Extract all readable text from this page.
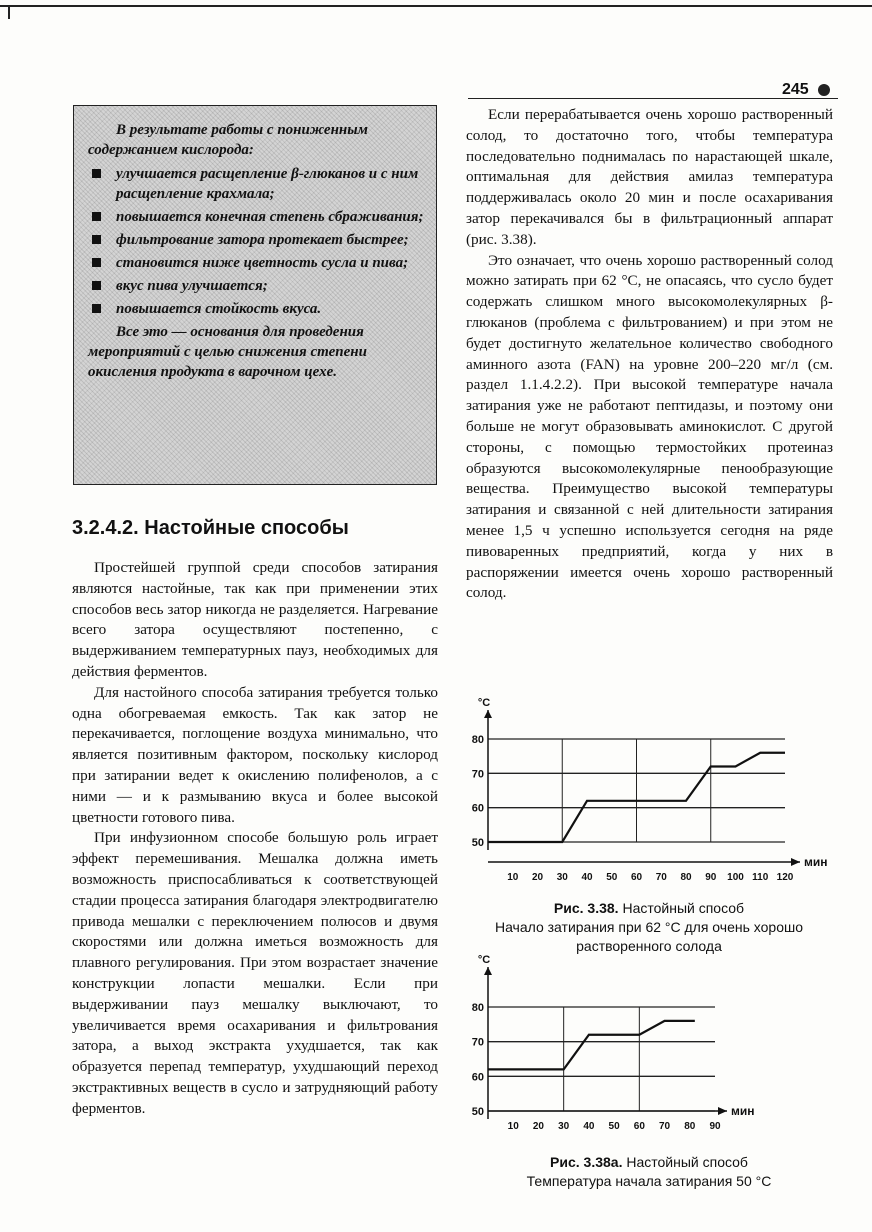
245

В результате работы с пониженным содержанием кислорода:

улучшается расщепление β-глюканов и с ним расщепление крахмала;
повышается конечная степень сбраживания;
фильтрование затора протекает быстрее;
становится ниже цветность сусла и пива;
вкус пива улучшается;
повышается стойкость вкуса.

Все это — основания для проведения мероприятий с целью снижения степени окисления продукта в варочном цехе.

3.2.4.2. Настойные способы

Простейшей группой среди способов затирания являются настойные, так как при применении этих способов весь затор никогда не разделяется. Нагревание всего затора осуществляют постепенно, с выдерживанием температурных пауз, необходимых для действия ферментов.

Для настойного способа затирания требуется только одна обогреваемая емкость. Так как затор не перекачивается, поглощение воздуха минимально, что является позитивным фактором, поскольку кислород при затирании ведет к окислению полифенолов, а с ними — и к размыванию вкуса и более высокой цветности готового пива.

При инфузионном способе большую роль играет эффект перемешивания. Мешалка должна иметь возможность приспосабливаться к соответствующей стадии процесса затирания благодаря электродвигателю привода мешалки с переключением полюсов и двумя скоростями или должна иметься возможность для плавного регулирования. При этом возрастает значение конструкции лопасти мешалки. Если при выдерживании пауз мешалку выключают, то увеличивается время осахаривания и фильтрования затора, а выход экстракта ухудшается, так как образуется перепад температур, ухудшающий переход экстрактивных веществ в сусло и затрудняющий работу ферментов.

Если перерабатывается очень хорошо растворенный солод, то достаточно того, чтобы температура последовательно поднималась по нарастающей шкале, оптимальная для действия амилаз температура поддерживалась около 20 мин и после осахаривания затор перекачивался бы в фильтрационный аппарат (рис. 3.38).

Это означает, что очень хорошо растворенный солод можно затирать при 62 °С, не опасаясь, что сусло будет содержать слишком много высокомолекулярных β-глюканов (проблема с фильтрованием) и при этом не будет достигнуто желательное количество свободного аминного азота (FAN) на уровне 200–220 мг/л (см. раздел 1.1.4.2.2). При высокой температуре начала затирания уже не работают пептидазы, и поэтому они больше не могут образовывать аминокислот. С другой стороны, с помощью термостойких протеиназ образуются высокомолекулярные пенообразующие вещества. Преимущество высокой температуры затирания и связанной с ней длительности затирания менее 1,5 ч успешно используется сегодня на ряде пивоваренных предприятий, когда у них в распоряжении имеется очень хорошо растворенный солод.

50
60
70
80
°С
мин
10 20 30 40 50 60 70 80 90 100 110 120
Рис. 3.38. Настойный способ
Начало затирания при 62 °С для очень хорошо растворенного солода
50
60
70
80
°С
мин
10 20 30 40 50 60 70 80 90
Рис. 3.38а. Настойный способ
Температура начала затирания 50 °С
